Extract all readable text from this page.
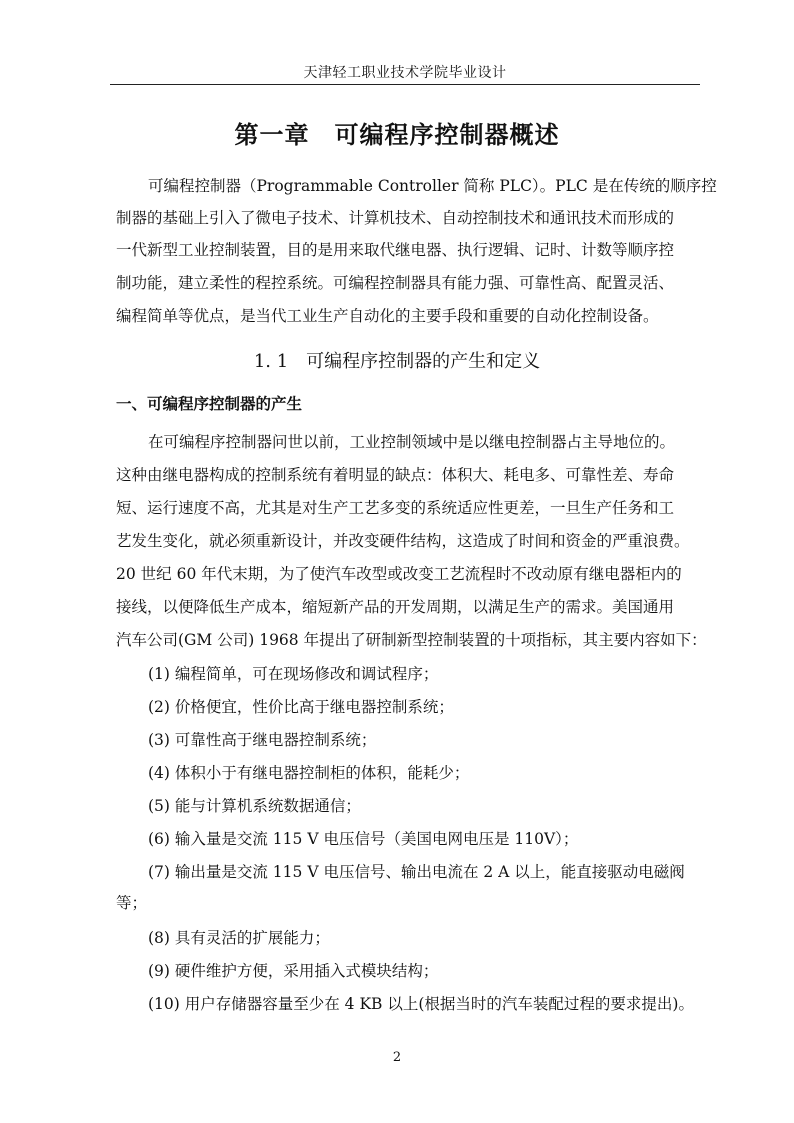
天津轻工职业技术学院毕业设计
第一章　可编程序控制器概述
可编程控制器（Programmable Controller 简称 PLC）。PLC 是在传统的顺序控
制器的基础上引入了微电子技术、计算机技术、自动控制技术和通讯技术而形成的
一代新型工业控制装置，目的是用来取代继电器、执行逻辑、记时、计数等顺序控
制功能，建立柔性的程控系统。可编程控制器具有能力强、可靠性高、配置灵活、
编程简单等优点，是当代工业生产自动化的主要手段和重要的自动化控制设备。
1. 1　可编程序控制器的产生和定义
一、可编程序控制器的产生
在可编程序控制器问世以前，工业控制领域中是以继电控制器占主导地位的。
这种由继电器构成的控制系统有着明显的缺点：体积大、耗电多、可靠性差、寿命
短、运行速度不高，尤其是对生产工艺多变的系统适应性更差，一旦生产任务和工
艺发生变化，就必须重新设计，并改变硬件结构，这造成了时间和资金的严重浪费。
20 世纪 60 年代末期，为了使汽车改型或改变工艺流程时不改动原有继电器柜内的
接线，以便降低生产成本，缩短新产品的开发周期，以满足生产的需求。美国通用
汽车公司(GM 公司) 1968 年提出了研制新型控制装置的十项指标，其主要内容如下：
(1) 编程简单，可在现场修改和调试程序；
(2) 价格便宜，性价比高于继电器控制系统；
(3) 可靠性高于继电器控制系统；
(4) 体积小于有继电器控制柜的体积，能耗少；
(5) 能与计算机系统数据通信；
(6) 输入量是交流 115 V 电压信号（美国电网电压是 110V）；
(7) 输出量是交流 115 V 电压信号、输出电流在 2 A 以上，能直接驱动电磁阀
等；
(8) 具有灵活的扩展能力；
(9) 硬件维护方便，采用插入式模块结构；
(10) 用户存储器容量至少在 4 KB 以上(根据当时的汽车装配过程的要求提出)。
2
